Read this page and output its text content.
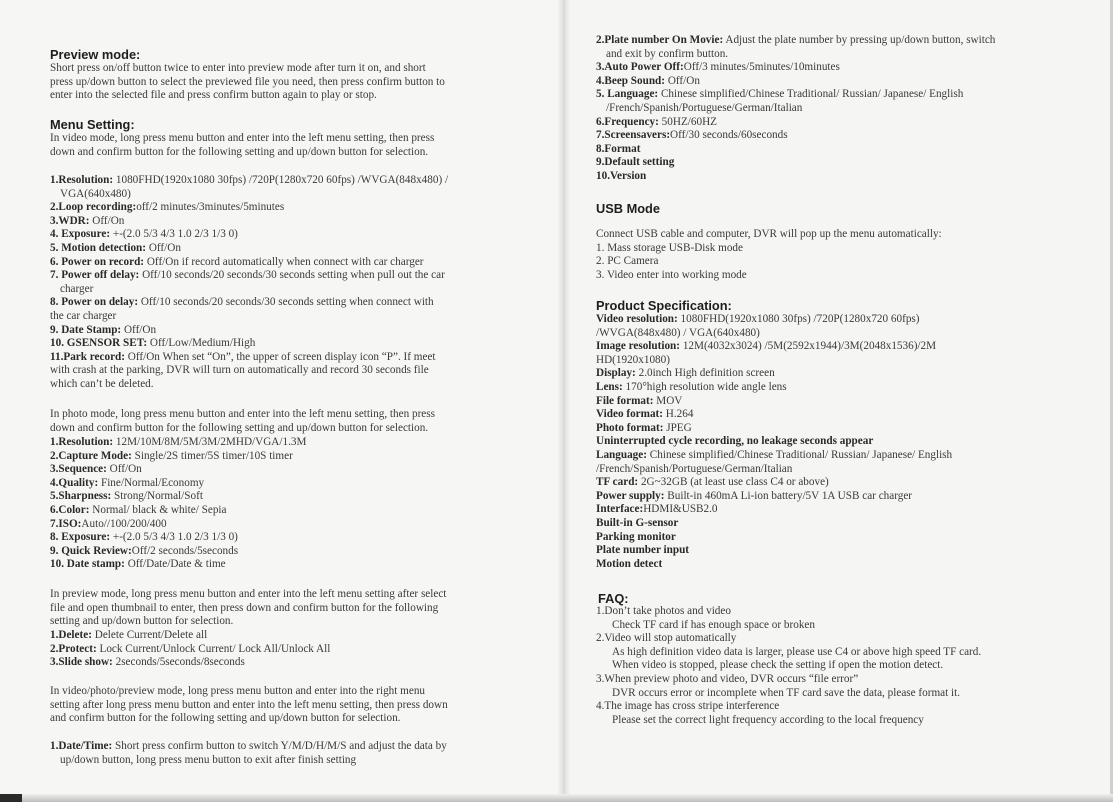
Preview mode:

Short press on/off button twice to enter into preview mode after turn it on, and short

press up/down button to select the previewed file you need, then press confirm button to

enter into the selected file and press confirm button again to play or stop.

Menu Setting:

In video mode, long press menu button and enter into the left menu setting, then press

down and confirm button for the following setting and up/down button for selection.

1.Resolution: 1080FHD(1920x1080 30fps) /720P(1280x720 60fps) /WVGA(848x480) /

VGA(640x480)

2.Loop recording:off/2 minutes/3minutes/5minutes

3.WDR: Off/On

4. Exposure: +-(2.0 5/3 4/3 1.0 2/3 1/3 0)

5. Motion detection: Off/On

6. Power on record: Off/On if record automatically when connect with car charger

7. Power off delay: Off/10 seconds/20 seconds/30 seconds setting when pull out the car

charger

8. Power on delay: Off/10 seconds/20 seconds/30 seconds setting when connect with

the car charger

9. Date Stamp: Off/On

10. GSENSOR SET: Off/Low/Medium/High

11.Park record: Off/On When set “On”, the upper of screen display icon “P”. If meet

with crash at the parking, DVR will turn on automatically and record 30 seconds file

which can’t be deleted.

In photo mode, long press menu button and enter into the left menu setting, then press

down and confirm button for the following setting and up/down button for selection.

1.Resolution: 12M/10M/8M/5M/3M/2MHD/VGA/1.3M

2.Capture Mode: Single/2S timer/5S timer/10S timer

3.Sequence: Off/On

4.Quality: Fine/Normal/Economy

5.Sharpness: Strong/Normal/Soft

6.Color: Normal/ black & white/ Sepia

7.ISO:Auto//100/200/400

8. Exposure: +-(2.0 5/3 4/3 1.0 2/3 1/3 0)

9. Quick Review:Off/2 seconds/5seconds

10. Date stamp: Off/Date/Date & time

In preview mode, long press menu button and enter into the left menu setting after select

file and open thumbnail to enter, then press down and confirm button for the following

setting and up/down button for selection.

1.Delete: Delete Current/Delete all

2.Protect: Lock Current/Unlock Current/ Lock All/Unlock All

3.Slide show: 2seconds/5seconds/8seconds

In video/photo/preview mode, long press menu button and enter into the right menu

setting after long press menu button and enter into the left menu setting, then press down

and confirm button for the following setting and up/down button for selection.

1.Date/Time: Short press confirm button to switch Y/M/D/H/M/S and adjust the data by

up/down button, long press menu button to exit after finish setting

2.Plate number On Movie: Adjust the plate number by pressing up/down button, switch

and exit by confirm button.

3.Auto Power Off:Off/3 minutes/5minutes/10minutes

4.Beep Sound: Off/On

5. Language: Chinese simplified/Chinese Traditional/ Russian/ Japanese/ English

/French/Spanish/Portuguese/German/Italian

6.Frequency: 50HZ/60HZ

7.Screensavers:Off/30 seconds/60seconds

8.Format

9.Default setting

10.Version

USB Mode

Connect USB cable and computer, DVR will pop up the menu automatically:

1. Mass storage USB-Disk mode

2. PC Camera

3. Video enter into working mode

Product Specification:

Video resolution: 1080FHD(1920x1080 30fps) /720P(1280x720 60fps)

/WVGA(848x480) / VGA(640x480)

Image resolution: 12M(4032x3024) /5M(2592x1944)/3M(2048x1536)/2M

HD(1920x1080)

Display: 2.0inch High definition screen

Lens: 170°high resolution wide angle lens

File format: MOV

Video format: H.264

Photo format: JPEG

Uninterrupted cycle recording, no leakage seconds appear

Language: Chinese simplified/Chinese Traditional/ Russian/ Japanese/ English

/French/Spanish/Portuguese/German/Italian

TF card: 2G~32GB (at least use class C4 or above)

Power supply: Built-in 460mA Li-ion battery/5V 1A USB car charger

Interface:HDMI&USB2.0

Built-in G-sensor

Parking monitor

Plate number input

Motion detect

FAQ:

1.Don’t take photos and video

Check TF card if has enough space or broken

2.Video will stop automatically

As high definition video data is larger, please use C4 or above high speed TF card.

When video is stopped, please check the setting if open the motion detect.

3.When preview photo and video, DVR occurs “file error”

DVR occurs error or incomplete when TF card save the data, please format it.

4.The image has cross stripe interference

Please set the correct light frequency according to the local frequency
